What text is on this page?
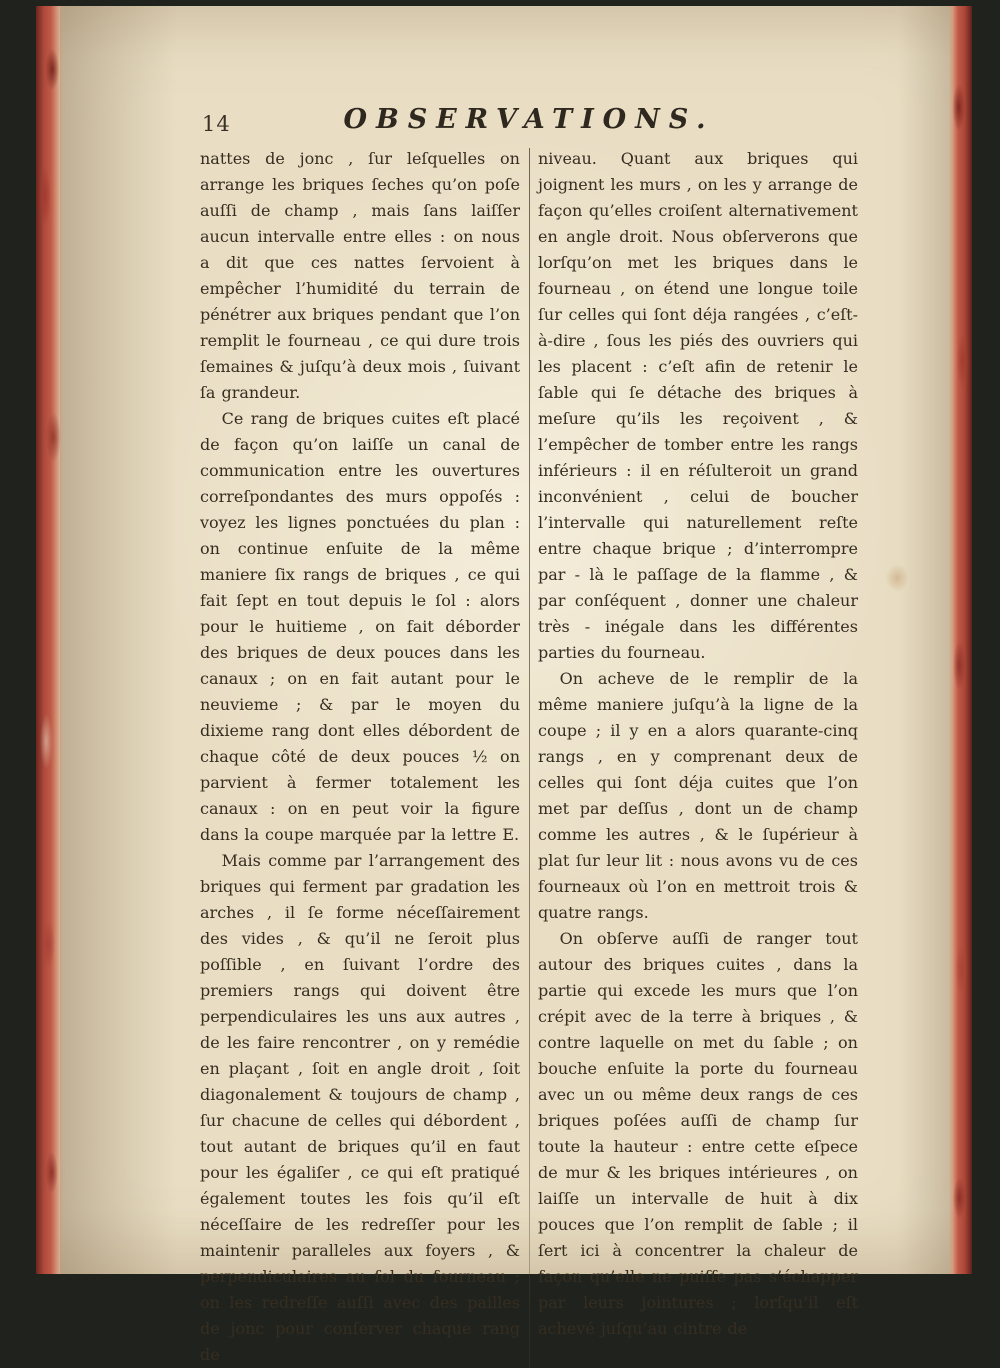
14	OBSERVATIONS.

nattes de jonc , ſur leſquelles on arrange les briques ſeches qu’on poſe auſſi de champ , mais ſans laiſſer aucun intervalle entre elles : on nous a dit que ces nattes ſervoient à empêcher l’humidité du terrain de pénétrer aux briques pendant que l’on remplit le fourneau , ce qui dure trois ſemaines & juſqu’à deux mois , ſuivant ſa grandeur.

Ce rang de briques cuites eſt placé de façon qu’on laiſſe un canal de communication entre les ouvertures correſpondantes des murs oppoſés : voyez les lignes ponctuées du plan : on continue enſuite de la même maniere ſix rangs de briques , ce qui fait ſept en tout depuis le ſol : alors pour le huitieme , on fait déborder des briques de deux pouces dans les canaux ; on en fait autant pour le neuvieme ; & par le moyen du dixieme rang dont elles débordent de chaque côté de deux pouces ½ on parvient à fermer totalement les canaux : on en peut voir la figure dans la coupe marquée par la lettre E.

Mais comme par l’arrangement des briques qui ferment par gradation les arches , il ſe forme néceſſairement des vides , & qu’il ne ſeroit plus poſſible , en ſuivant l’ordre des premiers rangs qui doivent être perpendiculaires les uns aux autres , de les faire rencontrer , on y remédie en plaçant , ſoit en angle droit , ſoit diagonalement & toujours de champ , ſur chacune de celles qui débordent , tout autant de briques qu’il en faut pour les égaliſer , ce qui eſt pratiqué également toutes les fois qu’il eſt néceſſaire de les redreſſer pour les maintenir paralleles aux foyers , & perpendiculaires au ſol du fourneau ; on les redreſſe auſſi avec des pailles de jonc pour conſerver chaque rang de

niveau. Quant aux briques qui joignent les murs , on les y arrange de façon qu’elles croiſent alternativement en angle droit. Nous obſerverons que lorſqu’on met les briques dans le fourneau , on étend une longue toile ſur celles qui ſont déja rangées , c’eſt-à-dire , ſous les piés des ouvriers qui les placent : c’eſt afin de retenir le ſable qui ſe détache des briques à meſure qu’ils les reçoivent , & l’empêcher de tomber entre les rangs inférieurs : il en réſulteroit un grand inconvénient , celui de boucher l’intervalle qui naturellement reſte entre chaque brique ; d’interrompre par - là le paſſage de la flamme , & par conſéquent , donner une chaleur très - inégale dans les différentes parties du fourneau.

On acheve de le remplir de la même maniere juſqu’à la ligne de la coupe ; il y en a alors quarante-cinq rangs , en y comprenant deux de celles qui ſont déja cuites que l’on met par deſſus , dont un de champ comme les autres , & le ſupérieur à plat ſur leur lit : nous avons vu de ces fourneaux où l’on en mettroit trois & quatre rangs.

On obſerve auſſi de ranger tout autour des briques cuites , dans la partie qui excede les murs que l’on crépit avec de la terre à briques , & contre laquelle on met du ſable ; on bouche enſuite la porte du fourneau avec un ou même deux rangs de ces briques poſées auſſi de champ ſur toute la hauteur : entre cette eſpece de mur & les briques intérieures , on laiſſe un intervalle de huit à dix pouces que l’on remplit de ſable ; il ſert ici à concentrer la chaleur de façon qu’elle ne puiſſe pas s’échapper par leurs jointures ; lorſqu’il eſt achevé juſqu’au cintre de
